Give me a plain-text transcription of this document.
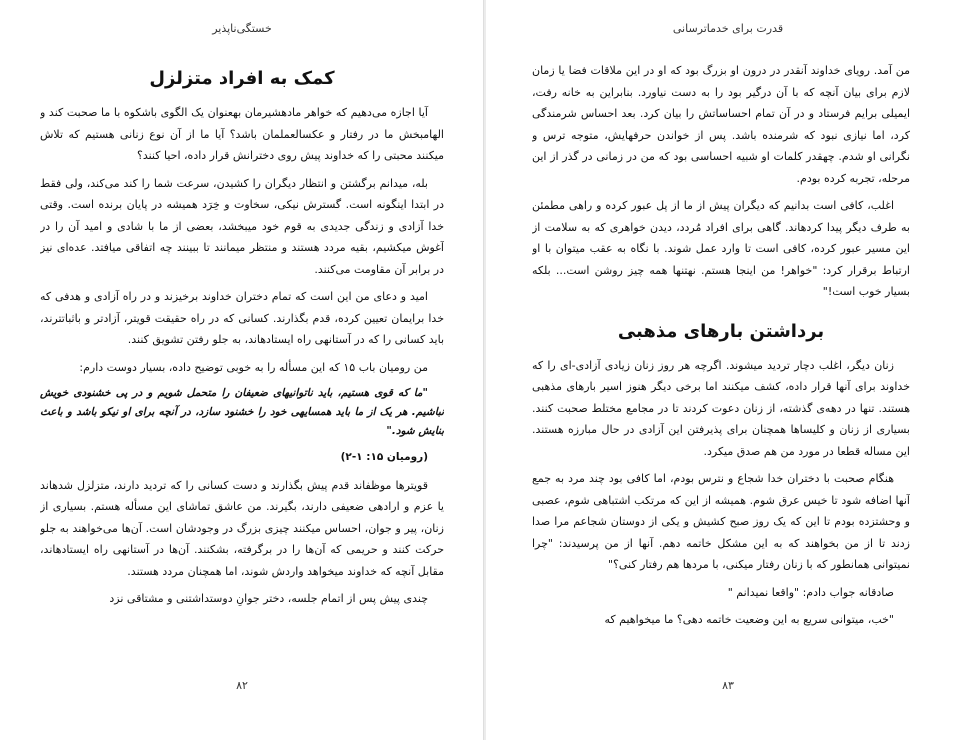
خستگی‌ناپذیر
کمک به افراد متزلزل

آیا اجازه می‌دهیم که خواهر مادهشیرمان بهعنوان یک الگوی باشکوه با ما صحبت کند و الهامبخش ما در رفتار و عکسالعملمان باشد؟ آیا ما از آن نوع زنانی هستیم که تلاش میکنند محبتی را که خداوند پیش روی دخترانش قرار داده، احیا کنند؟

بله، میدانم برگشتن و انتظار دیگران را کشیدن، سرعت شما را کند می‌کند، ولی فقط در ابتدا اینگونه است. گسترش نیکی، سخاوت و خِرَد همیشه در پایان برنده است. وقتی خدا آزادی و زندگی جدیدی به قوم خود میبخشد، بعضی از ما با شادی و امید آن را در آغوش میکشیم، بقیه مردد هستند و منتظر میمانند تا ببینند چه اتفاقی میافتد. عده‌ای نیز در برابر آن مقاومت می‌کنند.

امید و دعای من این است که تمام دختران خداوند برخیزند و در راه آزادی و هدفی که خدا برایمان تعیین کرده، قدم بگذارند. کسانی که در راه حقیقت قویتر، آزادتر و باثباتترند، باید کسانی را که در آستانهی راه ایستادهاند، به جلو رفتن تشویق کنند.

من رومیان باب ۱۵ که این مسأله را به خوبی توضیح داده، بسیار دوست دارم:

"ما که قوی هستیم، باید ناتوانیهای ضعیفان را متحمل شویم و در پی خشنودی خویش نباشیم. هر یک از ما باید همسایهی خود را خشنود سازد، در آنچه برای او نیکو باشد و باعث بنایش شود."

(رومیان ۱۵: ۱-۲)

قویترها موظفاند قدم پیش بگذارند و دست کسانی را که تردید دارند، متزلزل شدهاند یا عزم و ارادهی ضعیفی دارند، بگیرند. من عاشق تماشای این مسأله هستم. بسیاری از زنان، پیر و جوان، احساس میکنند چیزی بزرگ در وجودشان است. آن‌ها می‌خواهند به جلو حرکت کنند و حریمی که آن‌ها را در برگرفته، بشکنند. آن‌ها در آستانهی راه ایستادهاند، مقابل آنچه که خداوند میخواهد واردش شوند، اما همچنان مردد هستند.

چندی پیش پس از اتمام جلسه، دختر جوانِ دوستداشتنی و مشتاقی نزد

۸۲
قدرت برای خدماترسانی

من آمد. رویای خداوند آنقدر در درون او بزرگ بود که او در این ملاقات فضا یا زمان لازم برای بیان آنچه که با آن درگیر بود را به دست نیاورد. بنابراین به خانه رفت، ایمیلی برایم فرستاد و در آن تمام احساساتش را بیان کرد. بعد احساس شرمندگی کرد، اما نیازی نبود که شرمنده باشد. پس از خواندن حرفهایش، متوجه ترس و نگرانی او شدم. چهقدر کلمات او شبیه احساسی بود که من در زمانی در گذر از این مرحله، تجربه کرده بودم.

اغلب، کافی است بدانیم که دیگران پیش از ما از پل عبور کرده و راهی مطمئن به طرف دیگر پیدا کردهاند. گاهی برای افراد مُردد، دیدن خواهری که به سلامت از این مسیر عبور کرده، کافی است تا وارد عمل شوند. با نگاه به عقب میتوان با او ارتباط برقرار کرد: "خواهر! من اینجا هستم. نهتنها همه چیز روشن است... بلکه بسیار خوب است!"

برداشتن بارهای مذهبی

زنان دیگر، اغلب دچار تردید میشوند. اگرچه هر روز زنان زیادی آزادی-ای را که خداوند برای آنها قرار داده، کشف میکنند اما برخی دیگر هنوز اسیر بارهای مذهبی هستند. تنها در دهه‌ی گذشته، از زنان دعوت کردند تا در مجامع مختلط صحبت کنند. بسیاری از زنان و کلیساها همچنان برای پذیرفتن این آزادی در حال مبارزه هستند. این مساله قطعا در مورد من هم صدق میکرد.

هنگام صحبت با دختران خدا شجاع و نترس بودم، اما کافی بود چند مرد به جمع آنها اضافه شود تا خیس عرق شوم. همیشه از این که مرتکب اشتباهی شوم، عصبی و وحشتزده بودم تا این که یک روز صبح کشیش و یکی از دوستان شجاعم مرا صدا زدند تا از من بخواهند که به این مشکل خاتمه دهم. آنها از من پرسیدند: "چرا نمیتوانی همانطور که با زنان رفتار میکنی، با مردها هم رفتار کنی؟"

صادقانه جواب دادم: "واقعا نمیدانم "

"خب، میتوانی سریع به این وضعیت خاتمه دهی؟ ما میخواهیم که

۸۳
